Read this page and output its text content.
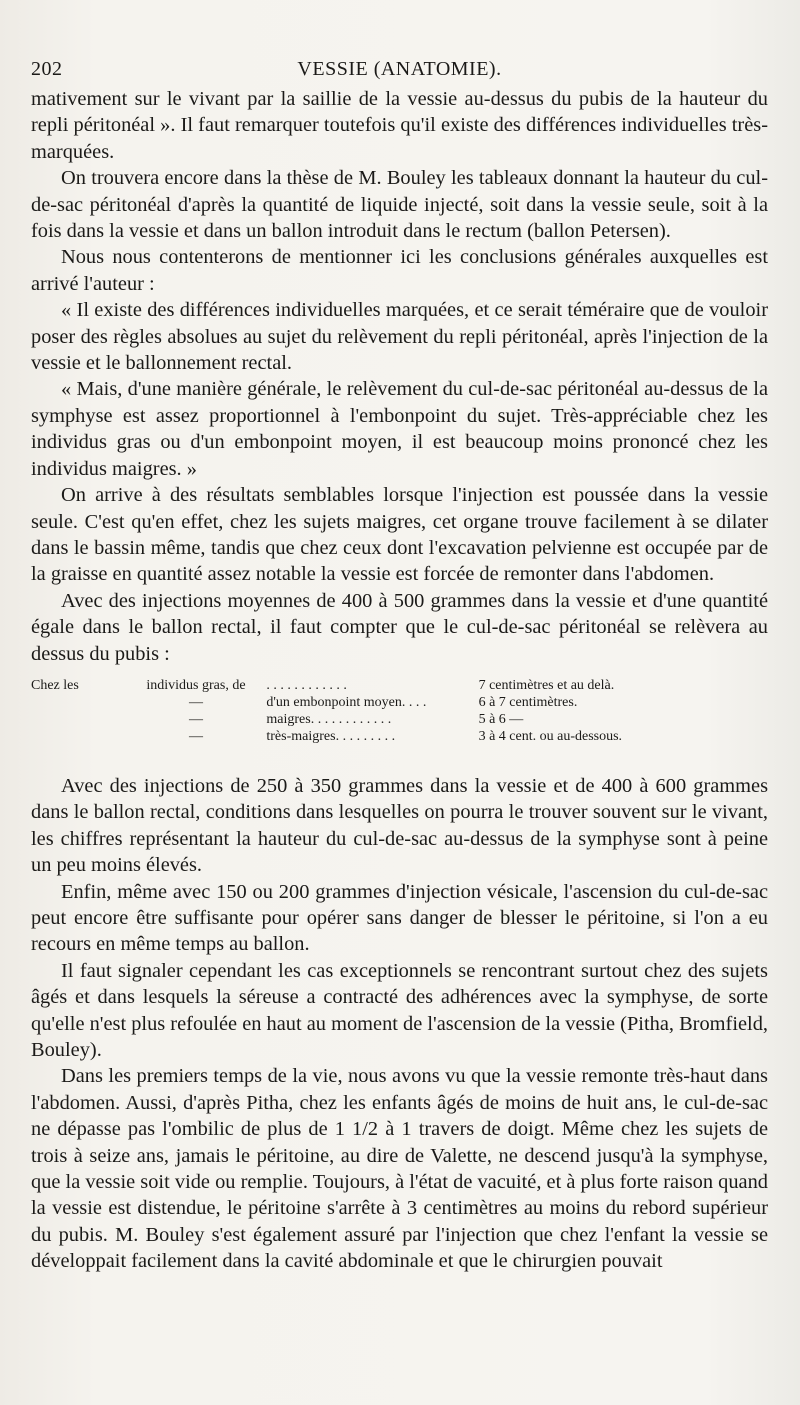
202	VESSIE (ANATOMIE).

mativement sur le vivant par la saillie de la vessie au-dessus du pubis de la hauteur du repli péritonéal ». Il faut remarquer toutefois qu'il existe des différences individuelles très-marquées.

On trouvera encore dans la thèse de M. Bouley les tableaux donnant la hauteur du cul-de-sac péritonéal d'après la quantité de liquide injecté, soit dans la vessie seule, soit à la fois dans la vessie et dans un ballon introduit dans le rectum (ballon Petersen).

Nous nous contenterons de mentionner ici les conclusions générales auxquelles est arrivé l'auteur :

« Il existe des différences individuelles marquées, et ce serait téméraire que de vouloir poser des règles absolues au sujet du relèvement du repli péritonéal, après l'injection de la vessie et le ballonnement rectal.

« Mais, d'une manière générale, le relèvement du cul-de-sac péritonéal au-dessus de la symphyse est assez proportionnel à l'embonpoint du sujet. Très-appréciable chez les individus gras ou d'un embonpoint moyen, il est beaucoup moins prononcé chez les individus maigres. »

On arrive à des résultats semblables lorsque l'injection est poussée dans la vessie seule. C'est qu'en effet, chez les sujets maigres, cet organe trouve facilement à se dilater dans le bassin même, tandis que chez ceux dont l'excavation pelvienne est occupée par de la graisse en quantité assez notable la vessie est forcée de remonter dans l'abdomen.

Avec des injections moyennes de 400 à 500 grammes dans la vessie et d'une quantité égale dans le ballon rectal, il faut compter que le cul-de-sac péritonéal se relèvera au dessus du pubis :

Chez les	individus gras, de	. . . . . . . . . . . .	7 centimètres et au delà.
—	d'un embonpoint moyen. . . .	6 à 7 centimètres.
—	maigres. . . . . . . . . . . .	5 à 6 —
—	très-maigres. . . . . . . . .	3 à 4 cent. ou au-dessous.

Avec des injections de 250 à 350 grammes dans la vessie et de 400 à 600 grammes dans le ballon rectal, conditions dans lesquelles on pourra le trouver souvent sur le vivant, les chiffres représentant la hauteur du cul-de-sac au-dessus de la symphyse sont à peine un peu moins élevés.

Enfin, même avec 150 ou 200 grammes d'injection vésicale, l'ascension du cul-de-sac peut encore être suffisante pour opérer sans danger de blesser le péritoine, si l'on a eu recours en même temps au ballon.

Il faut signaler cependant les cas exceptionnels se rencontrant surtout chez des sujets âgés et dans lesquels la séreuse a contracté des adhérences avec la symphyse, de sorte qu'elle n'est plus refoulée en haut au moment de l'ascension de la vessie (Pitha, Bromfield, Bouley).

Dans les premiers temps de la vie, nous avons vu que la vessie remonte très-haut dans l'abdomen. Aussi, d'après Pitha, chez les enfants âgés de moins de huit ans, le cul-de-sac ne dépasse pas l'ombilic de plus de 1 1/2 à 1 travers de doigt. Même chez les sujets de trois à seize ans, jamais le péritoine, au dire de Valette, ne descend jusqu'à la symphyse, que la vessie soit vide ou remplie. Toujours, à l'état de vacuité, et à plus forte raison quand la vessie est distendue, le péritoine s'arrête à 3 centimètres au moins du rebord supérieur du pubis. M. Bouley s'est également assuré par l'injection que chez l'enfant la vessie se développait facilement dans la cavité abdominale et que le chirurgien pouvait
